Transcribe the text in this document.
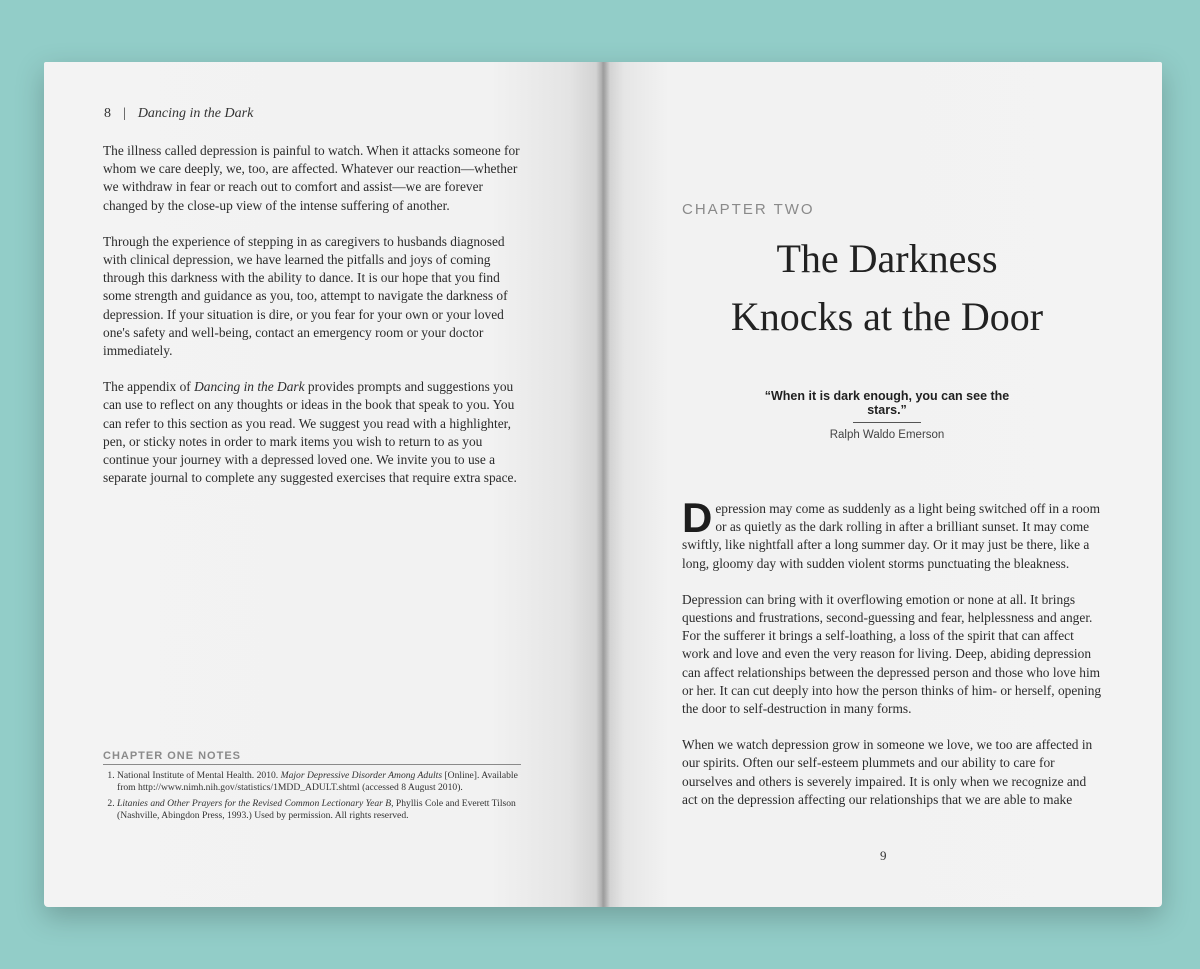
8 | Dancing in the Dark

The illness called depression is painful to watch. When it attacks someone for whom we care deeply, we, too, are affected. Whatever our reaction—whether we withdraw in fear or reach out to comfort and assist—we are forever changed by the close-up view of the intense suffering of another.

Through the experience of stepping in as caregivers to husbands diagnosed with clinical depression, we have learned the pitfalls and joys of coming through this darkness with the ability to dance. It is our hope that you find some strength and guidance as you, too, attempt to navigate the darkness of depression. If your situation is dire, or you fear for your own or your loved one's safety and well-being, contact an emergency room or your doctor immediately.

The appendix of Dancing in the Dark provides prompts and suggestions you can use to reflect on any thoughts or ideas in the book that speak to you. You can refer to this section as you read. We suggest you read with a highlighter, pen, or sticky notes in order to mark items you wish to return to as you continue your journey with a depressed loved one. We invite you to use a separate journal to complete any suggested exercises that require extra space.

CHAPTER ONE NOTES
1. National Institute of Mental Health. 2010. Major Depressive Disorder Among Adults [Online]. Available from http://www.nimh.nih.gov/statistics/1MDD_ADULT.shtml (accessed 8 August 2010).
2. Litanies and Other Prayers for the Revised Common Lectionary Year B, Phyllis Cole and Everett Tilson (Nashville, Abingdon Press, 1993.) Used by permission. All rights reserved.
CHAPTER TWO
The Darkness
Knocks at the Door
“When it is dark enough, you can see the stars.”
Ralph Waldo Emerson

Depression may come as suddenly as a light being switched off in a room or as quietly as the dark rolling in after a brilliant sunset. It may come swiftly, like nightfall after a long summer day. Or it may just be there, like a long, gloomy day with sudden violent storms punctuating the bleakness.

Depression can bring with it overflowing emotion or none at all. It brings questions and frustrations, second-guessing and fear, helplessness and anger. For the sufferer it brings a self-loathing, a loss of the spirit that can affect work and love and even the very reason for living. Deep, abiding depression can affect relationships between the depressed person and those who love him or her. It can cut deeply into how the person thinks of him- or herself, opening the door to self-destruction in many forms.

When we watch depression grow in someone we love, we too are affected in our spirits. Often our self-esteem plummets and our ability to care for ourselves and others is severely impaired. It is only when we recognize and act on the depression affecting our relationships that we are able to make

9
